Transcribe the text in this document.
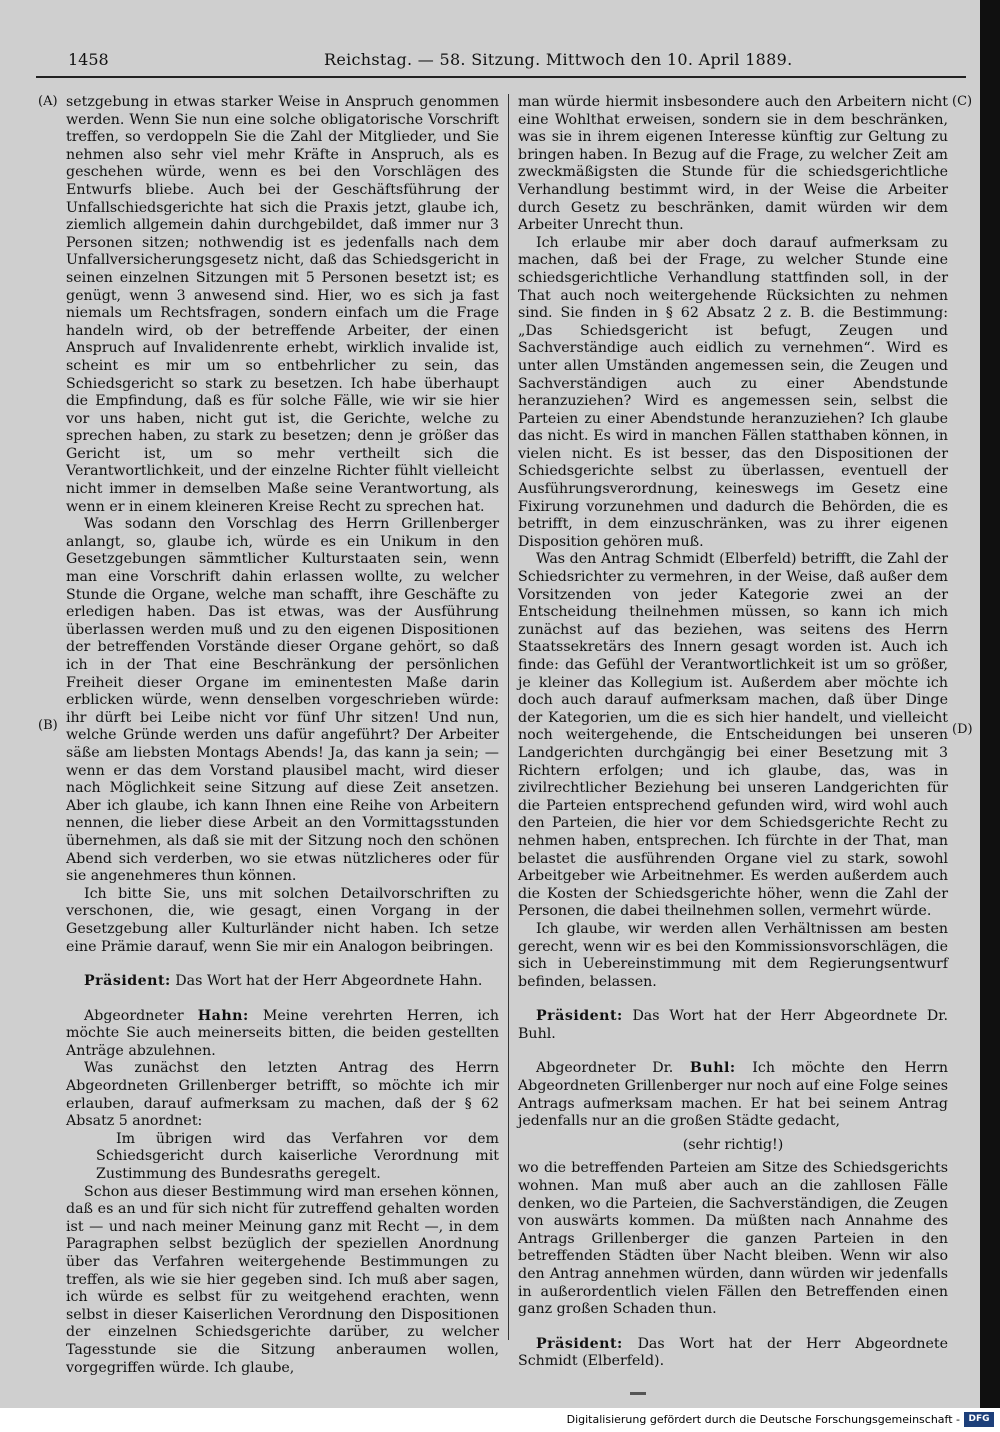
1458	Reichstag. — 58. Sitzung. Mittwoch den 10. April 1889.
(A)
(B)
(C)
(D)

setzgebung in etwas starker Weise in Anspruch genommen werden. Wenn Sie nun eine solche obligatorische Vorschrift treffen, so verdoppeln Sie die Zahl der Mitglieder, und Sie nehmen also sehr viel mehr Kräfte in Anspruch, als es geschehen würde, wenn es bei den Vorschlägen des Entwurfs bliebe. Auch bei der Geschäftsführung der Unfallschiedsgerichte hat sich die Praxis jetzt, glaube ich, ziemlich allgemein dahin durchgebildet, daß immer nur 3 Personen sitzen; nothwendig ist es jedenfalls nach dem Unfallversicherungsgesetz nicht, daß das Schiedsgericht in seinen einzelnen Sitzungen mit 5 Personen besetzt ist; es genügt, wenn 3 anwesend sind. Hier, wo es sich ja fast niemals um Rechtsfragen, sondern einfach um die Frage handeln wird, ob der betreffende Arbeiter, der einen Anspruch auf Invalidenrente erhebt, wirklich invalide ist, scheint es mir um so entbehrlicher zu sein, das Schiedsgericht so stark zu besetzen. Ich habe überhaupt die Empfindung, daß es für solche Fälle, wie wir sie hier vor uns haben, nicht gut ist, die Gerichte, welche zu sprechen haben, zu stark zu besetzen; denn je größer das Gericht ist, um so mehr vertheilt sich die Verantwortlichkeit, und der einzelne Richter fühlt vielleicht nicht immer in demselben Maße seine Verantwortung, als wenn er in einem kleineren Kreise Recht zu sprechen hat.

Was sodann den Vorschlag des Herrn Grillenberger anlangt, so, glaube ich, würde es ein Unikum in den Gesetzgebungen sämmtlicher Kulturstaaten sein, wenn man eine Vorschrift dahin erlassen wollte, zu welcher Stunde die Organe, welche man schafft, ihre Geschäfte zu erledigen haben. Das ist etwas, was der Ausführung überlassen werden muß und zu den eigenen Dispositionen der betreffenden Vorstände dieser Organe gehört, so daß ich in der That eine Beschränkung der persönlichen Freiheit dieser Organe im eminentesten Maße darin erblicken würde, wenn denselben vorgeschrieben würde: ihr dürft bei Leibe nicht vor fünf Uhr sitzen! Und nun, welche Gründe werden uns dafür angeführt? Der Arbeiter säße am liebsten Montags Abends! Ja, das kann ja sein; — wenn er das dem Vorstand plausibel macht, wird dieser nach Möglichkeit seine Sitzung auf diese Zeit ansetzen. Aber ich glaube, ich kann Ihnen eine Reihe von Arbeitern nennen, die lieber diese Arbeit an den Vormittagsstunden übernehmen, als daß sie mit der Sitzung noch den schönen Abend sich verderben, wo sie etwas nützlicheres oder für sie angenehmeres thun können.

Ich bitte Sie, uns mit solchen Detailvorschriften zu verschonen, die, wie gesagt, einen Vorgang in der Gesetzgebung aller Kulturländer nicht haben. Ich setze eine Prämie darauf, wenn Sie mir ein Analogon beibringen.

Präsident: Das Wort hat der Herr Abgeordnete Hahn.

Abgeordneter Hahn: Meine verehrten Herren, ich möchte Sie auch meinerseits bitten, die beiden gestellten Anträge abzulehnen.

Was zunächst den letzten Antrag des Herrn Abgeordneten Grillenberger betrifft, so möchte ich mir erlauben, darauf aufmerksam zu machen, daß der § 62 Absatz 5 anordnet:

Im übrigen wird das Verfahren vor dem Schiedsgericht durch kaiserliche Verordnung mit Zustimmung des Bundesraths geregelt.

Schon aus dieser Bestimmung wird man ersehen können, daß es an und für sich nicht für zutreffend gehalten worden ist — und nach meiner Meinung ganz mit Recht —, in dem Paragraphen selbst bezüglich der speziellen Anordnung über das Verfahren weitergehende Bestimmungen zu treffen, als wie sie hier gegeben sind. Ich muß aber sagen, ich würde es selbst für zu weitgehend erachten, wenn selbst in dieser Kaiserlichen Verordnung den Dispositionen der einzelnen Schiedsgerichte darüber, zu welcher Tagesstunde sie die Sitzung anberaumen wollen, vorgegriffen würde. Ich glaube,

man würde hiermit insbesondere auch den Arbeitern nicht eine Wohlthat erweisen, sondern sie in dem beschränken, was sie in ihrem eigenen Interesse künftig zur Geltung zu bringen haben. In Bezug auf die Frage, zu welcher Zeit am zweckmäßigsten die Stunde für die schiedsgerichtliche Verhandlung bestimmt wird, in der Weise die Arbeiter durch Gesetz zu beschränken, damit würden wir dem Arbeiter Unrecht thun.

Ich erlaube mir aber doch darauf aufmerksam zu machen, daß bei der Frage, zu welcher Stunde eine schiedsgerichtliche Verhandlung stattfinden soll, in der That auch noch weitergehende Rücksichten zu nehmen sind. Sie finden in § 62 Absatz 2 z. B. die Bestimmung: „Das Schiedsgericht ist befugt, Zeugen und Sachverständige auch eidlich zu vernehmen“. Wird es unter allen Umständen angemessen sein, die Zeugen und Sachverständigen auch zu einer Abendstunde heranzuziehen? Wird es angemessen sein, selbst die Parteien zu einer Abendstunde heranzuziehen? Ich glaube das nicht. Es wird in manchen Fällen statthaben können, in vielen nicht. Es ist besser, das den Dispositionen der Schiedsgerichte selbst zu überlassen, eventuell der Ausführungsverordnung, keineswegs im Gesetz eine Fixirung vorzunehmen und dadurch die Behörden, die es betrifft, in dem einzuschränken, was zu ihrer eigenen Disposition gehören muß.

Was den Antrag Schmidt (Elberfeld) betrifft, die Zahl der Schiedsrichter zu vermehren, in der Weise, daß außer dem Vorsitzenden von jeder Kategorie zwei an der Entscheidung theilnehmen müssen, so kann ich mich zunächst auf das beziehen, was seitens des Herrn Staatssekretärs des Innern gesagt worden ist. Auch ich finde: das Gefühl der Verantwortlichkeit ist um so größer, je kleiner das Kollegium ist. Außerdem aber möchte ich doch auch darauf aufmerksam machen, daß über Dinge der Kategorien, um die es sich hier handelt, und vielleicht noch weitergehende, die Entscheidungen bei unseren Landgerichten durchgängig bei einer Besetzung mit 3 Richtern erfolgen; und ich glaube, das, was in zivilrechtlicher Beziehung bei unseren Landgerichten für die Parteien entsprechend gefunden wird, wird wohl auch den Parteien, die hier vor dem Schiedsgerichte Recht zu nehmen haben, entsprechen. Ich fürchte in der That, man belastet die ausführenden Organe viel zu stark, sowohl Arbeitgeber wie Arbeitnehmer. Es werden außerdem auch die Kosten der Schiedsgerichte höher, wenn die Zahl der Personen, die dabei theilnehmen sollen, vermehrt würde.

Ich glaube, wir werden allen Verhältnissen am besten gerecht, wenn wir es bei den Kommissionsvorschlägen, die sich in Uebereinstimmung mit dem Regierungsentwurf befinden, belassen.

Präsident: Das Wort hat der Herr Abgeordnete Dr. Buhl.

Abgeordneter Dr. Buhl: Ich möchte den Herrn Abgeordneten Grillenberger nur noch auf eine Folge seines Antrags aufmerksam machen. Er hat bei seinem Antrag jedenfalls nur an die großen Städte gedacht,

(sehr richtig!)

wo die betreffenden Parteien am Sitze des Schiedsgerichts wohnen. Man muß aber auch an die zahllosen Fälle denken, wo die Parteien, die Sachverständigen, die Zeugen von auswärts kommen. Da müßten nach Annahme des Antrags Grillenberger die ganzen Parteien in den betreffenden Städten über Nacht bleiben. Wenn wir also den Antrag annehmen würden, dann würden wir jedenfalls in außerordentlich vielen Fällen den Betreffenden einen ganz großen Schaden thun.

Präsident: Das Wort hat der Herr Abgeordnete Schmidt (Elberfeld).

Digitalisierung gefördert durch die Deutsche Forschungsgemeinschaft - DFG
